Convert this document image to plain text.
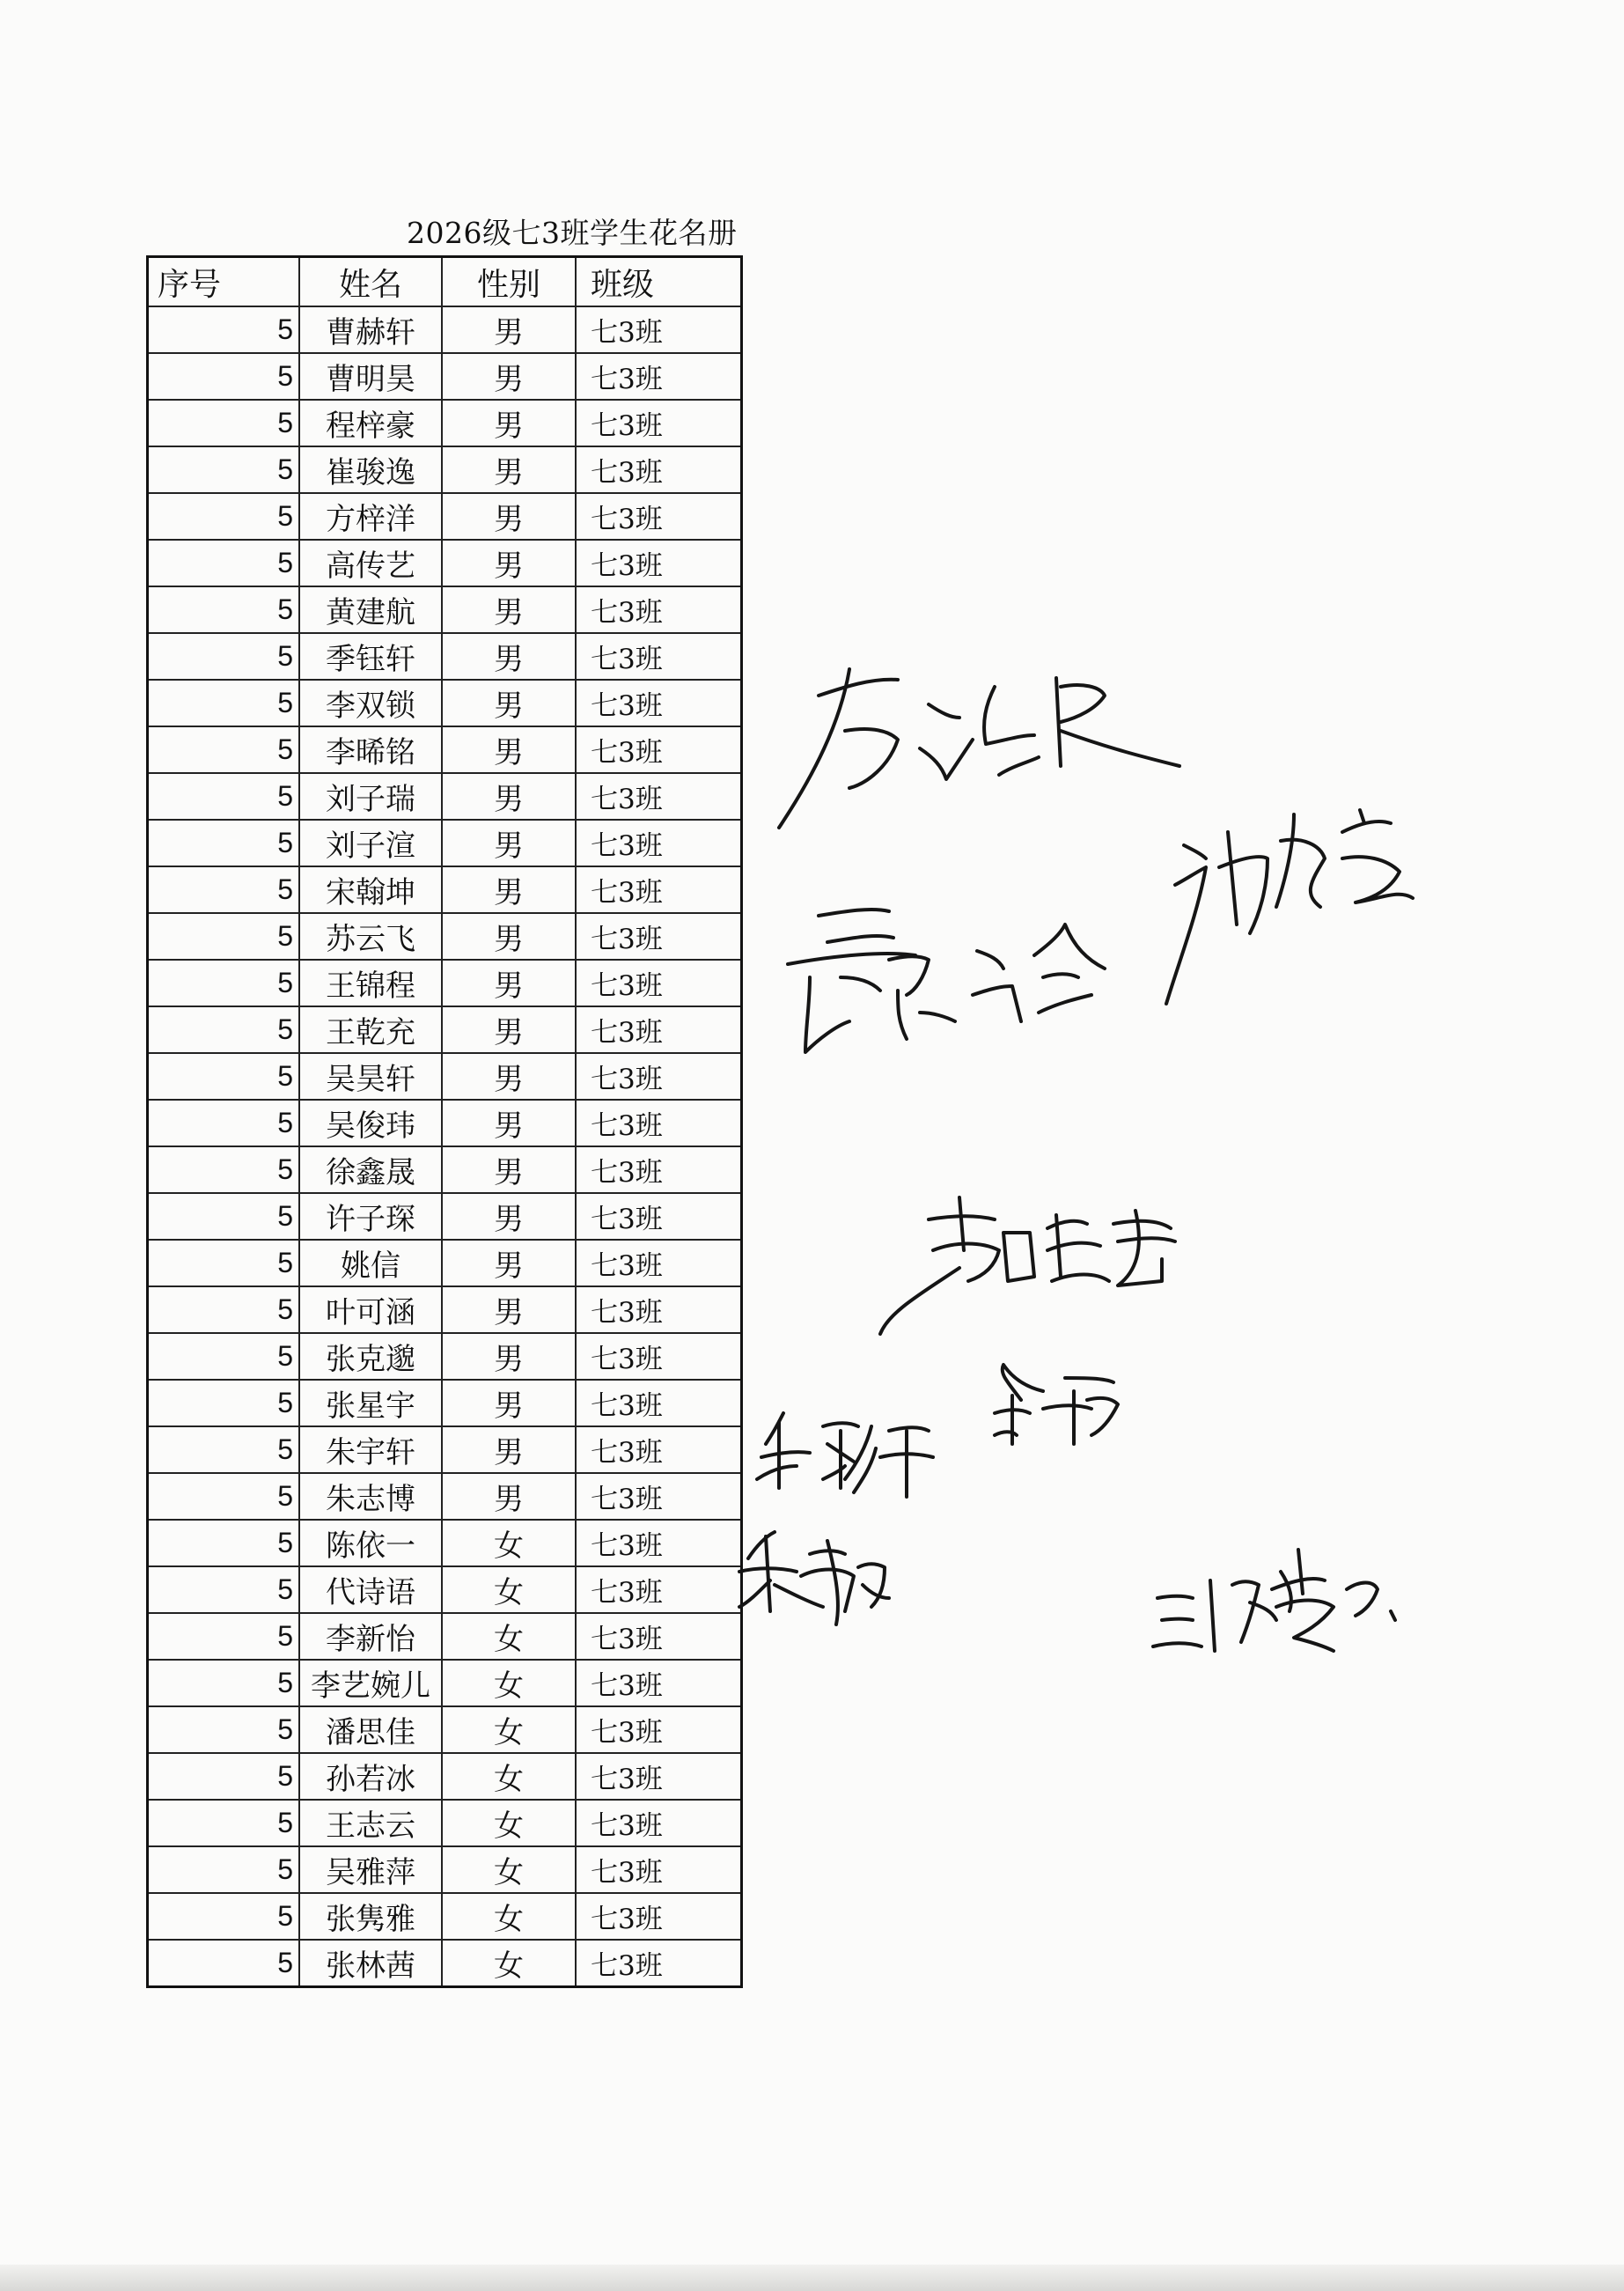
2026级七3班学生花名册
序号	姓名	性别	班级
5	曹赫轩	男	七3班
5	曹明昊	男	七3班
5	程梓豪	男	七3班
5	崔骏逸	男	七3班
5	方梓洋	男	七3班
5	高传艺	男	七3班
5	黄建航	男	七3班
5	季钰轩	男	七3班
5	李双锁	男	七3班
5	李晞铭	男	七3班
5	刘子瑞	男	七3班
5	刘子渲	男	七3班
5	宋翰坤	男	七3班
5	苏云飞	男	七3班
5	王锦程	男	七3班
5	王乾充	男	七3班
5	吴昊轩	男	七3班
5	吴俊玮	男	七3班
5	徐鑫晟	男	七3班
5	许子琛	男	七3班
5	姚信	男	七3班
5	叶可涵	男	七3班
5	张克邈	男	七3班
5	张星宇	男	七3班
5	朱宇轩	男	七3班
5	朱志博	男	七3班
5	陈依一	女	七3班
5	代诗语	女	七3班
5	李新怡	女	七3班
5	李艺婉儿	女	七3班
5	潘思佳	女	七3班
5	孙若冰	女	七3班
5	王志云	女	七3班
5	吴雅萍	女	七3班
5	张隽雅	女	七3班
5	张林茜	女	七3班
